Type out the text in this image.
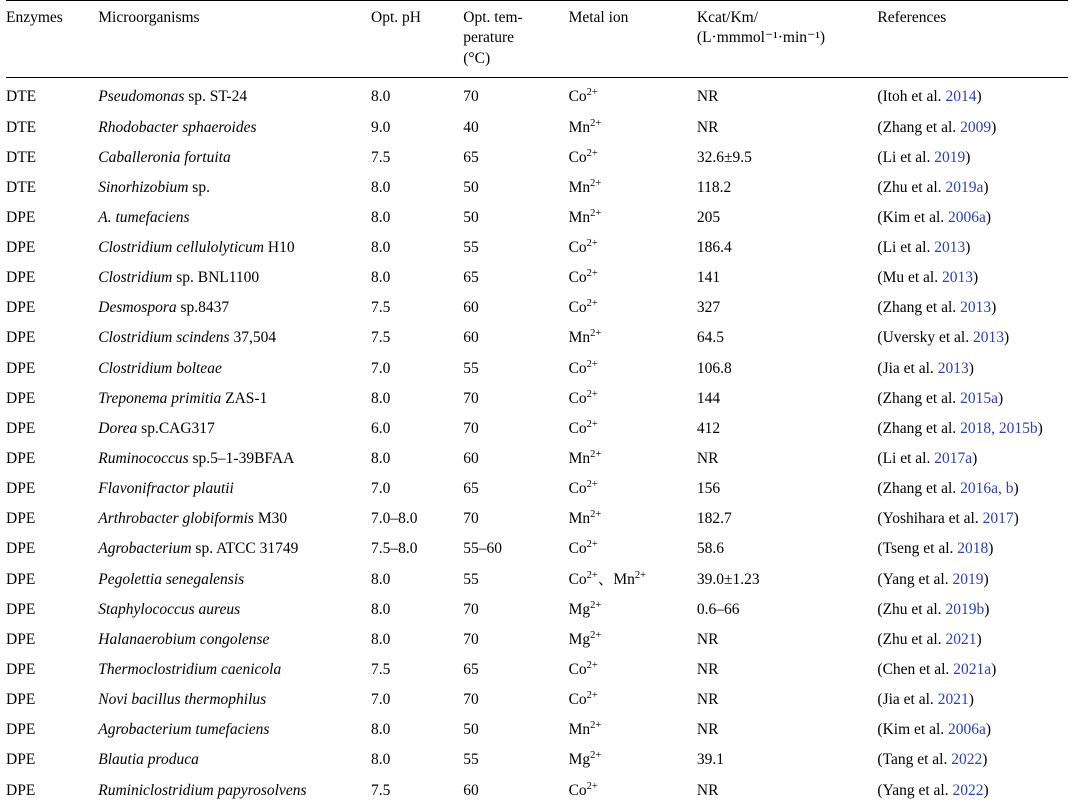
Enzymes	Microorganisms	Opt. pH	Opt. tem-
perature
(°C)	Metal ion	Kcat/Km/
(L·mmmol⁻¹·min⁻¹)	References
DTE	Pseudomonas sp. ST-24	8.0	70	$Co^{2+}$	NR	(Itoh et al. 2014)
DTE	Rhodobacter sphaeroides	9.0	40	$Mn^{2+}$	NR	(Zhang et al. 2009)
DTE	Caballeronia fortuita	7.5	65	$Co^{2+}$	32.6±9.5	(Li et al. 2019)
DTE	Sinorhizobium sp.	8.0	50	$Mn^{2+}$	118.2	(Zhu et al. 2019a)
DPE	A. tumefaciens	8.0	50	$Mn^{2+}$	205	(Kim et al. 2006a)
DPE	Clostridium cellulolyticum H10	8.0	55	$Co^{2+}$	186.4	(Li et al. 2013)
DPE	Clostridium sp. BNL1100	8.0	65	$Co^{2+}$	141	(Mu et al. 2013)
DPE	Desmospora sp.8437	7.5	60	$Co^{2+}$	327	(Zhang et al. 2013)
DPE	Clostridium scindens 37,504	7.5	60	$Mn^{2+}$	64.5	(Uversky et al. 2013)
DPE	Clostridium bolteae	7.0	55	$Co^{2+}$	106.8	(Jia et al. 2013)
DPE	Treponema primitia ZAS-1	8.0	70	$Co^{2+}$	144	(Zhang et al. 2015a)
DPE	Dorea sp.CAG317	6.0	70	$Co^{2+}$	412	(Zhang et al. 2018, 2015b)
DPE	Ruminococcus sp.5–1-39BFAA	8.0	60	$Mn^{2+}$	NR	(Li et al. 2017a)
DPE	Flavonifractor plautii	7.0	65	$Co^{2+}$	156	(Zhang et al. 2016a, b)
DPE	Arthrobacter globiformis M30	7.0–8.0	70	$Mn^{2+}$	182.7	(Yoshihara et al. 2017)
DPE	Agrobacterium sp. ATCC 31749	7.5–8.0	55–60	$Co^{2+}$	58.6	(Tseng et al. 2018)
DPE	Pegolettia senegalensis	8.0	55	$Co^{2+}$、$Mn^{2+}$	39.0±1.23	(Yang et al. 2019)
DPE	Staphylococcus aureus	8.0	70	$Mg^{2+}$	0.6–66	(Zhu et al. 2019b)
DPE	Halanaerobium congolense	8.0	70	$Mg^{2+}$	NR	(Zhu et al. 2021)
DPE	Thermoclostridium caenicola	7.5	65	$Co^{2+}$	NR	(Chen et al. 2021a)
DPE	Novi bacillus thermophilus	7.0	70	$Co^{2+}$	NR	(Jia et al. 2021)
DPE	Agrobacterium tumefaciens	8.0	50	$Mn^{2+}$	NR	(Kim et al. 2006a)
DPE	Blautia produca	8.0	55	$Mg^{2+}$	39.1	(Tang et al. 2022)
DPE	Ruminiclostridium papyrosolvens	7.5	60	$Co^{2+}$	NR	(Yang et al. 2022)
